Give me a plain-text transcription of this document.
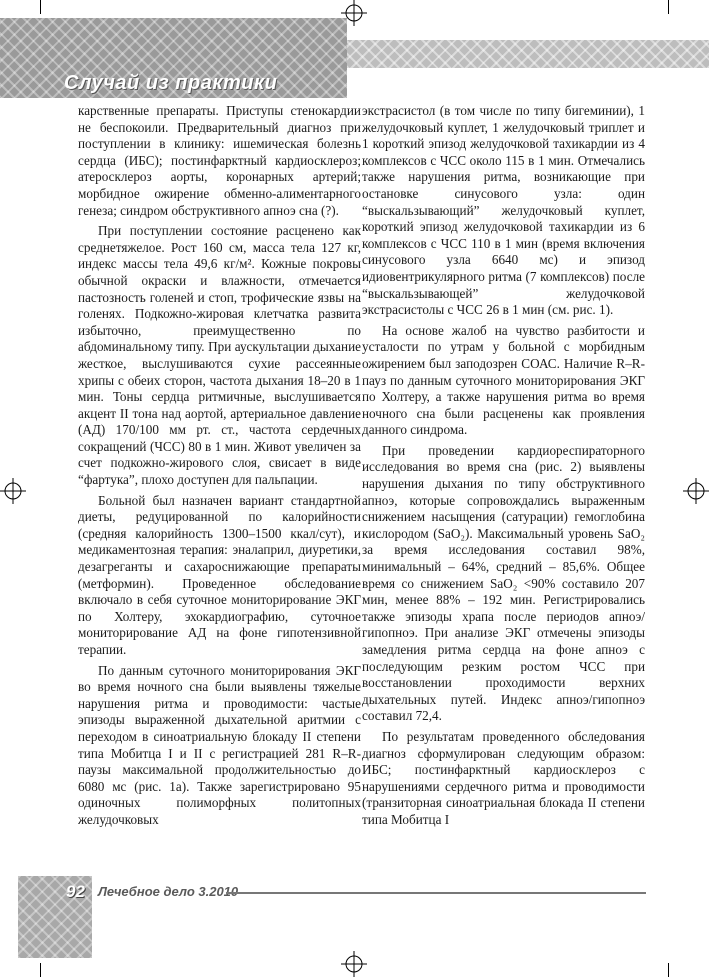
Случай из практики

карственные препараты. Приступы стенокардии не беспокоили. Предварительный диагноз при поступлении в клинику: ишемическая болезнь сердца (ИБС); постинфарктный кардиосклероз; атеросклероз аорты, коронарных артерий; морбидное ожирение обменно-алиментарного генеза; синдром обструктивного апноэ сна (?).

При поступлении состояние расценено как среднетяжелое. Рост 160 см, масса тела 127 кг, индекс массы тела 49,6 кг/м². Кожные покровы обычной окраски и влажности, отмечается пастозность голеней и стоп, трофические язвы на голенях. Подкожно-жировая клетчатка развита избыточно, преимущественно по абдоминальному типу. При аускультации дыхание жесткое, выслушиваются сухие рассеянные хрипы с обеих сторон, частота дыхания 18–20 в 1 мин. Тоны сердца ритмичные, выслушивается акцент II тона над аортой, артериальное давление (АД) 170/100 мм рт. ст., частота сердечных сокращений (ЧСС) 80 в 1 мин. Живот увеличен за счет подкожно-жирового слоя, свисает в виде “фартука”, плохо доступен для пальпации.

Больной был назначен вариант стандартной диеты, редуцированной по калорийности (средняя калорийность 1300–1500 ккал/сут), и медикаментозная терапия: эналаприл, диуретики, дезагреганты и сахароснижающие препараты (метформин). Проведенное обследование включало в себя суточное мониторирование ЭКГ по Холтеру, эхокардиографию, суточное мониторирование АД на фоне гипотензивной терапии.

По данным суточного мониторирования ЭКГ во время ночного сна были выявлены тяжелые нарушения ритма и проводимости: частые эпизоды выраженной дыхательной аритмии с переходом в синоатриальную блокаду II степени типа Мобитца I и II с регистрацией 281 R–R-паузы максимальной продолжительностью до 6080 мс (рис. 1а). Также зарегистрировано 95 одиночных полиморфных политопных желудочковых

экстрасистол (в том числе по типу бигеминии), 1 желудочковый куплет, 1 желудочковый триплет и 1 короткий эпизод желудочковой тахикардии из 4 комплексов с ЧСС около 115 в 1 мин. Отмечались также нарушения ритма, возникающие при остановке синусового узла: один “выскальзывающий” желудочковый куплет, короткий эпизод желудочковой тахикардии из 6 комплексов с ЧСС 110 в 1 мин (время включения синусового узла 6640 мс) и эпизод идиовентрикулярного ритма (7 комплексов) после “выскальзывающей” желудочковой экстрасистолы с ЧСС 26 в 1 мин (см. рис. 1).

На основе жалоб на чувство разбитости и усталости по утрам у больной с морбидным ожирением был заподозрен СОАС. Наличие R–R-пауз по данным суточного мониторирования ЭКГ по Холтеру, а также нарушения ритма во время ночного сна были расценены как проявления данного синдрома.

При проведении кардиореспираторного исследования во время сна (рис. 2) выявлены нарушения дыхания по типу обструктивного апноэ, которые сопровождались выраженным снижением насыщения (сатурации) гемоглобина кислородом (SaO₂). Максимальный уровень SaO₂ за время исследования составил 98%, минимальный – 64%, средний – 85,6%. Общее время со снижением SaO₂ <90% составило 207 мин, менее 88% – 192 мин. Регистрировались также эпизоды храпа после периодов апноэ/гипопноэ. При анализе ЭКГ отмечены эпизоды замедления ритма сердца на фоне апноэ с последующим резким ростом ЧСС при восстановлении проходимости верхних дыхательных путей. Индекс апноэ/гипопноэ составил 72,4.

По результатам проведенного обследования диагноз сформулирован следующим образом: ИБС; постинфарктный кардиосклероз с нарушениями сердечного ритма и проводимости (транзиторная синоатриальная блокада II степени типа Мобитца I

92 Лечебное дело 3.2010
